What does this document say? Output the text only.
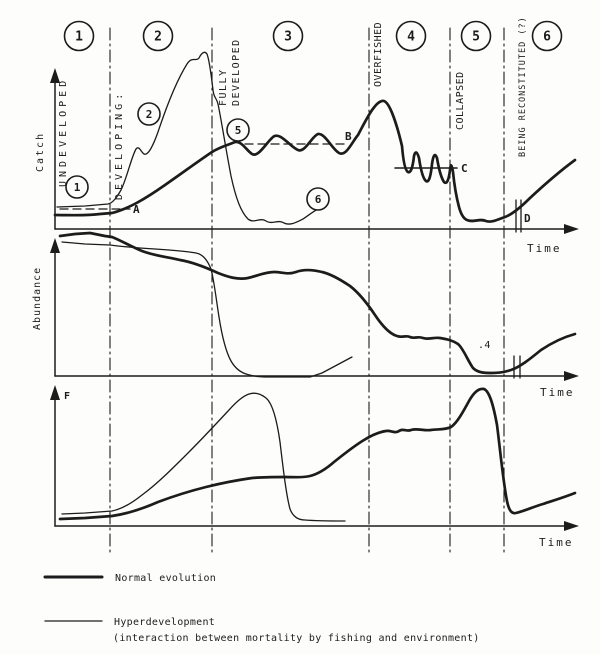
A
B
C
D
1
2
5
6
Catch
Time
.4
Abundance
Time
F
Time
1	2	3	4	5	6
UNDEVELOPED	DEVELOPING:
FULLY DEVELOPED	OVERFISHED
COLLAPSED	BEING RECONSTITUTED (?)
Normal evolution
Hyperdevelopment
(interaction between mortality by fishing and environment)
